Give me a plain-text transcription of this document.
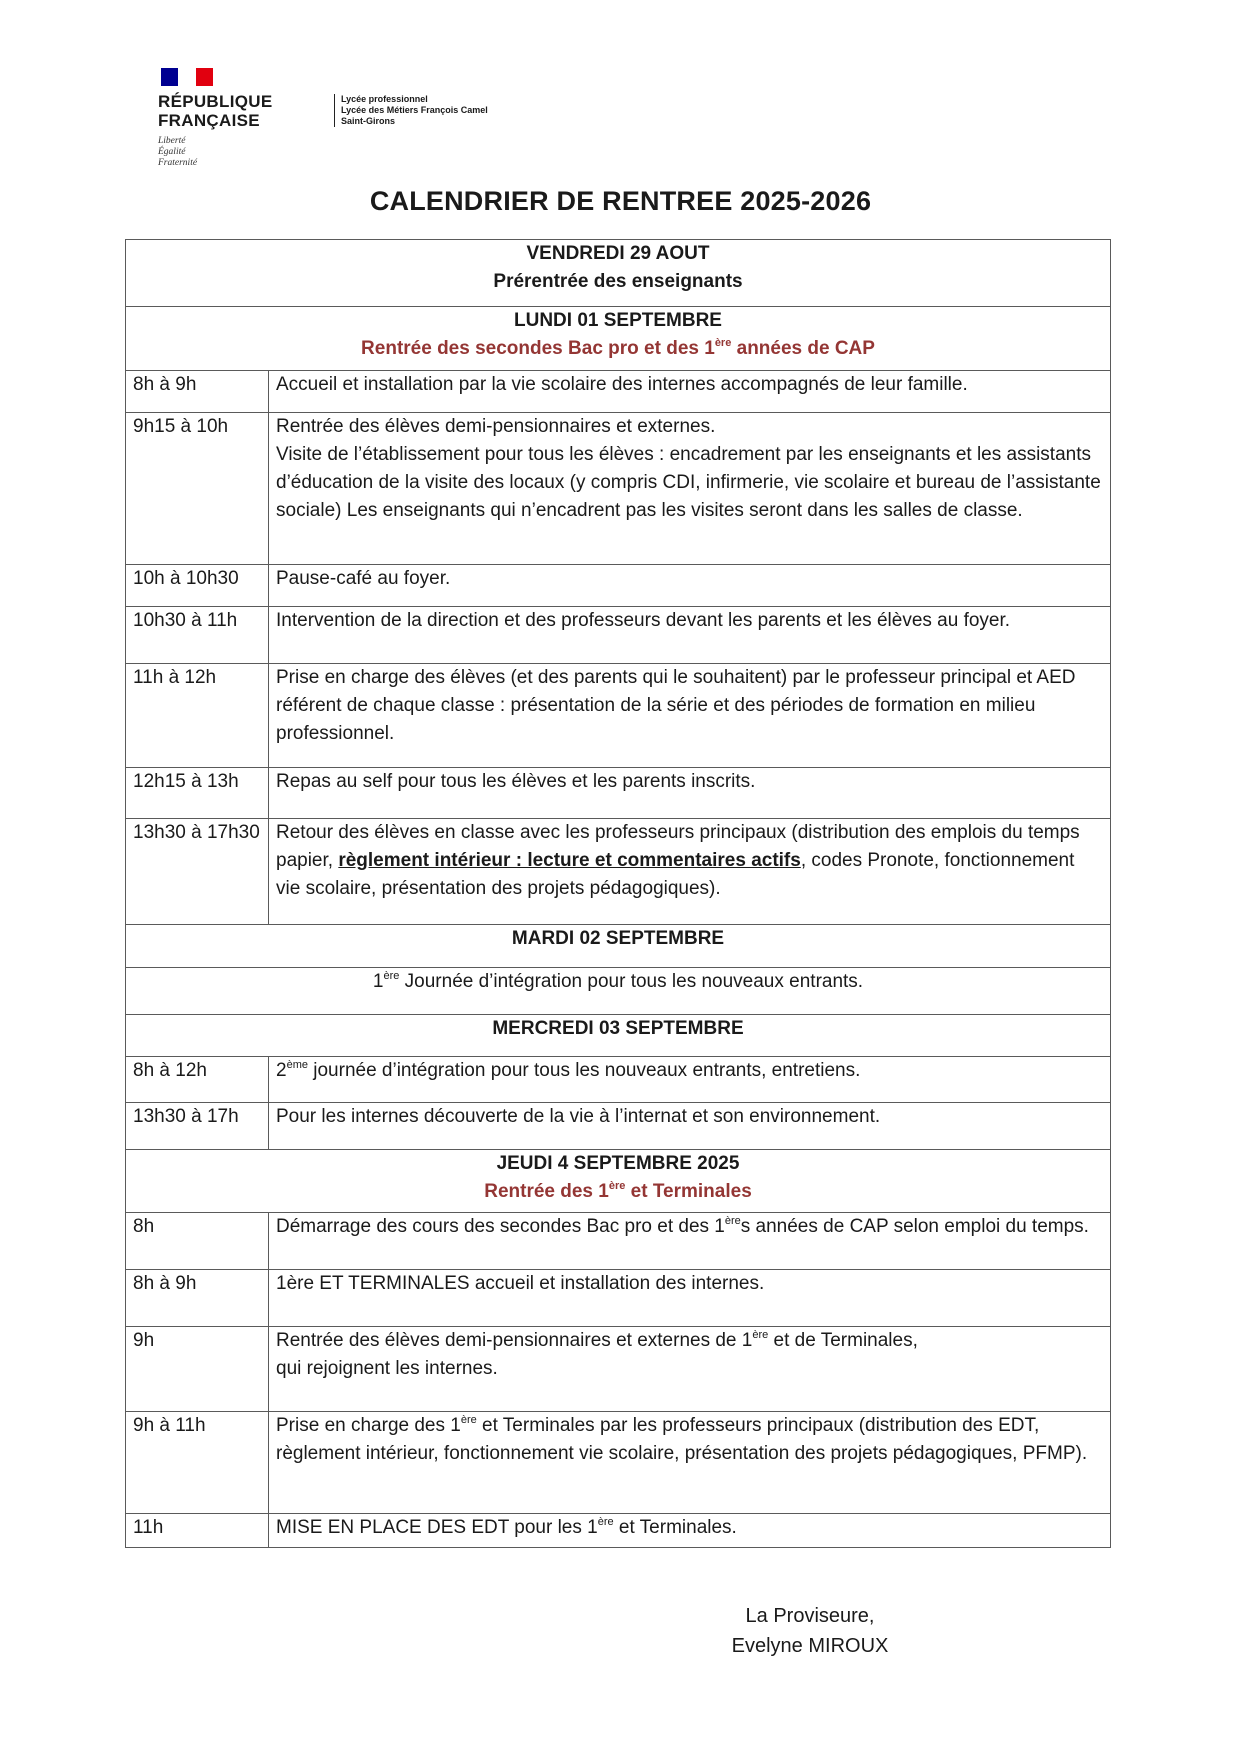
RÉPUBLIQUE
FRANÇAISE
Liberté
Égalité
Fraternité
Lycée professionnel
Lycée des Métiers François Camel
Saint-Girons
CALENDRIER DE RENTREE 2025-2026
VENDREDI 29 AOUT
Prérentrée des enseignants	

LUNDI 01 SEPTEMBRE
Rentrée des secondes Bac pro et des 1ère années de CAP	

8h à 9h	Accueil et installation par la vie scolaire des internes accompagnés de leur famille.
9h15 à 10h	Rentrée des élèves demi-pensionnaires et externes.
Visite de l’établissement pour tous les élèves : encadrement par les enseignants et les assistants d’éducation de la visite des locaux (y compris CDI, infirmerie, vie scolaire et bureau de l’assistante sociale) Les enseignants qui n’encadrent pas les visites seront dans les salles de classe.

10h à 10h30	Pause-café au foyer.
10h30 à 11h	Intervention de la direction et des professeurs devant les parents et les élèves au foyer.
11h à 12h	Prise en charge des élèves (et des parents qui le souhaitent) par le professeur principal et AED référent de chaque classe : présentation de la série et des périodes de formation en milieu professionnel.
12h15 à 13h	Repas au self pour tous les élèves et les parents inscrits.
13h30 à 17h30	Retour des élèves en classe avec les professeurs principaux (distribution des emplois du temps papier, règlement intérieur : lecture et commentaires actifs, codes Pronote, fonctionnement vie scolaire, présentation des projets pédagogiques).

MARDI 02 SEPTEMBRE	

1ère Journée d’intégration pour tous les nouveaux entrants.	

MERCREDI 03 SEPTEMBRE	

8h à 12h	2ème journée d’intégration pour tous les nouveaux entrants, entretiens.
13h30 à 17h	Pour les internes découverte de la vie à l’internat et son environnement.

JEUDI 4 SEPTEMBRE 2025
Rentrée des 1ère et Terminales	

8h	Démarrage des cours des secondes Bac pro et des 1ères années de CAP selon emploi du temps.
8h à 9h	1ère ET TERMINALES accueil et installation des internes.
9h	Rentrée des élèves demi-pensionnaires et externes de 1ère et de Terminales,
qui rejoignent les internes.
9h à 11h	Prise en charge des 1ère et Terminales par les professeurs principaux (distribution des EDT, règlement intérieur, fonctionnement vie scolaire, présentation des projets pédagogiques, PFMP).
11h	MISE EN PLACE DES EDT pour les 1ère et Terminales.
La Proviseure,
Evelyne MIROUX
